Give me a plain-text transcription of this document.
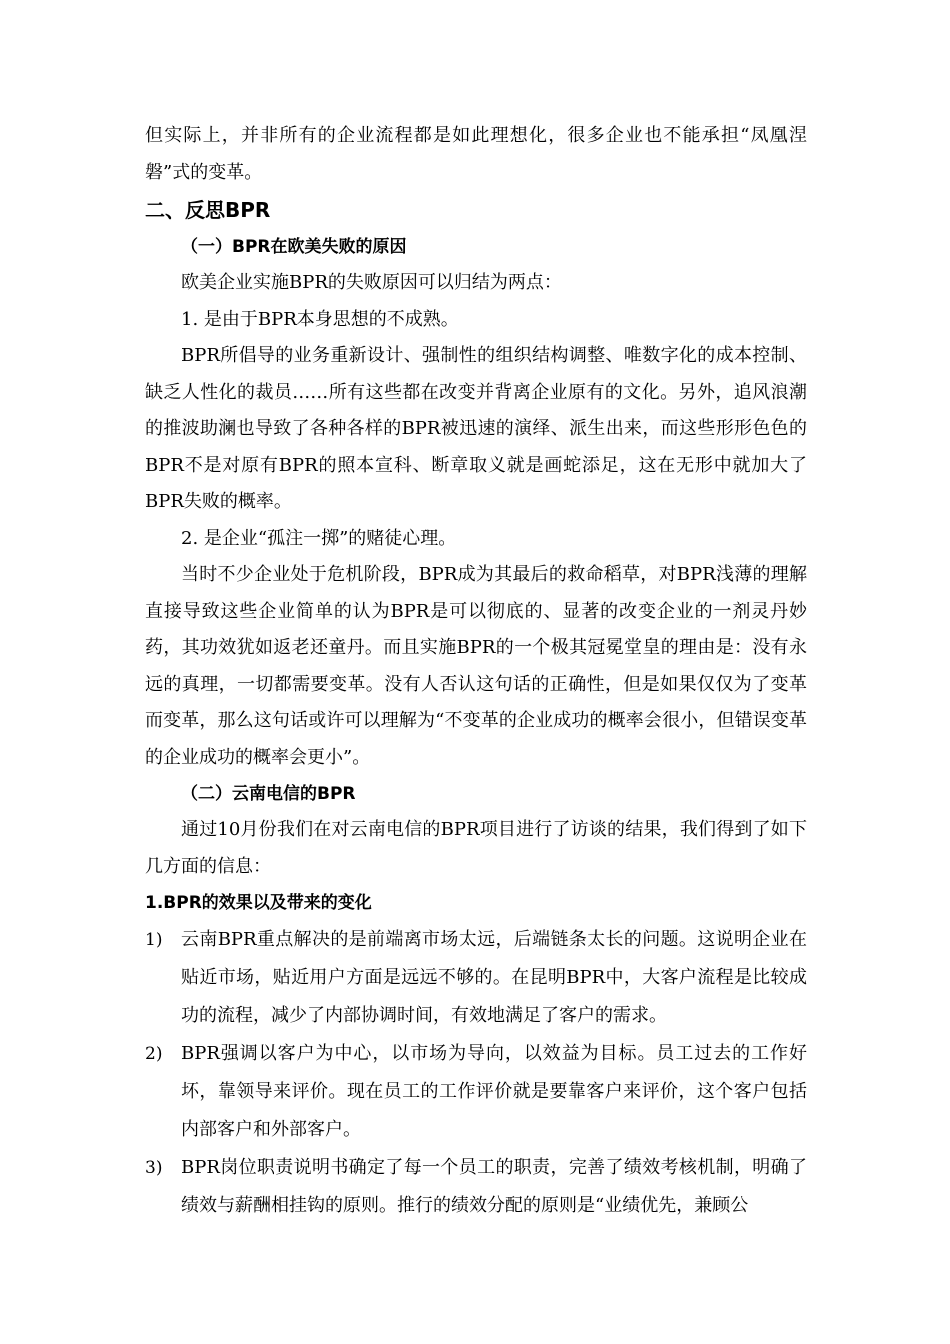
但实际上，并非所有的企业流程都是如此理想化，很多企业也不能承担“凤凰涅磐”式的变革。

二、反思BPR
（一）BPR在欧美失败的原因

欧美企业实施BPR的失败原因可以归结为两点：

1. 是由于BPR本身思想的不成熟。

BPR所倡导的业务重新设计、强制性的组织结构调整、唯数字化的成本控制、缺乏人性化的裁员……所有这些都在改变并背离企业原有的文化。另外，追风浪潮的推波助澜也导致了各种各样的BPR被迅速的演绎、派生出来，而这些形形色色的BPR不是对原有BPR的照本宣科、断章取义就是画蛇添足，这在无形中就加大了BPR失败的概率。

2. 是企业“孤注一掷”的赌徒心理。

当时不少企业处于危机阶段，BPR成为其最后的救命稻草，对BPR浅薄的理解直接导致这些企业简单的认为BPR是可以彻底的、显著的改变企业的一剂灵丹妙药，其功效犹如返老还童丹。而且实施BPR的一个极其冠冕堂皇的理由是：没有永远的真理，一切都需要变革。没有人否认这句话的正确性，但是如果仅仅为了变革而变革，那么这句话或许可以理解为“不变革的企业成功的概率会很小，但错误变革的企业成功的概率会更小”。

（二）云南电信的BPR

通过10月份我们在对云南电信的BPR项目进行了访谈的结果，我们得到了如下几方面的信息：

1.BPR的效果以及带来的变化
1)	云南BPR重点解决的是前端离市场太远，后端链条太长的问题。这说明企业在贴近市场，贴近用户方面是远远不够的。在昆明BPR中，大客户流程是比较成功的流程，减少了内部协调时间，有效地满足了客户的需求。
2)	BPR强调以客户为中心，以市场为导向，以效益为目标。员工过去的工作好坏，靠领导来评价。现在员工的工作评价就是要靠客户来评价，这个客户包括内部客户和外部客户。
3)	BPR岗位职责说明书确定了每一个员工的职责，完善了绩效考核机制，明确了绩效与薪酬相挂钩的原则。推行的绩效分配的原则是“业绩优先，兼顾公
